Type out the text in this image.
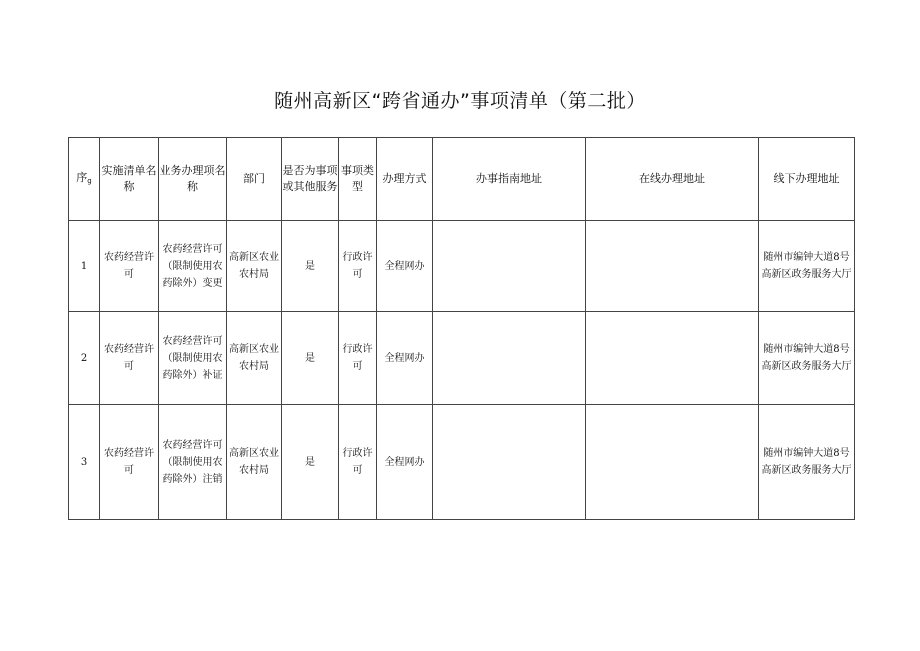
随州高新区“跨省通办”事项清单（第二批）
序g	实施清单名称	业务办理项名称	部门	是否为事项或其他服务	事项类型	办理方式	办事指南地址	在线办理地址	线下办理地址
1	农药经营许可	农药经营许可（限制使用农药除外）变更	高新区农业农村局	是	行政许可	全程网办			随州市编钟大道8号高新区政务服务大厅
2	农药经营许可	农药经营许可（限制使用农药除外）补证	高新区农业农村局	是	行政许可	全程网办			随州市编钟大道8号高新区政务服务大厅
3	农药经营许可	农药经营许可（限制使用农药除外）注销	高新区农业农村局	是	行政许可	全程网办			随州市编钟大道8号高新区政务服务大厅
